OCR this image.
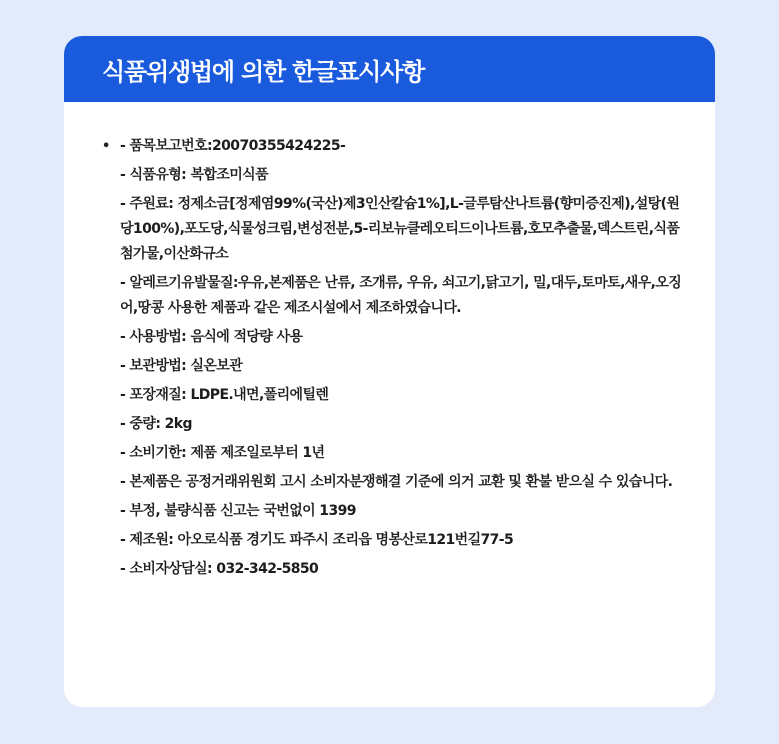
식품위생법에 의한 한글표시사항
• - 품목보고번호:20070355424225-
- 식품유형: 복합조미식품
- 주원료: 정제소금[정제염99%(국산)제3인산칼슘1%],L-글루탐산나트륨(향미증진제),설탕(원당100%),포도당,식물성크림,변성전분,5-리보뉴클레오티드이나트륨,호모추출물,덱스트린,식품첨가물,이산화규소
- 알레르기유발물질:우유,본제품은 난류, 조개류, 우유, 쇠고기,닭고기, 밀,대두,토마토,새우,오징어,땅콩 사용한 제품과 같은 제조시설에서 제조하였습니다.
- 사용방법: 음식에 적당량 사용
- 보관방법: 실온보관
- 포장재질: LDPE.내면,폴리에틸렌
- 중량: 2kg
- 소비기한: 제품 제조일로부터 1년
- 본제품은 공정거래위원회 고시 소비자분쟁해결 기준에 의거 교환 및 환불 받으실 수 있습니다.
- 부정, 불량식품 신고는 국번없이 1399
- 제조원: 아오로식품 경기도 파주시 조리읍 명봉산로121번길77-5
- 소비자상담실: 032-342-5850
